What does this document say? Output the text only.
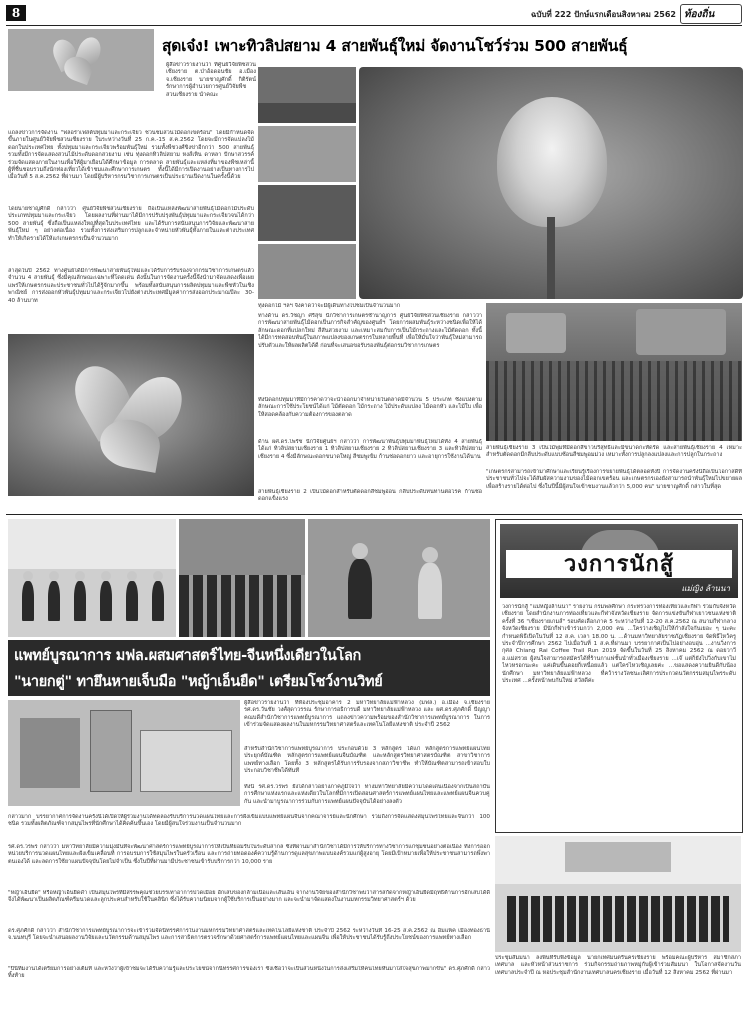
8	ฉบับที่ 222 ปักษ์แรกเดือนสิงหาคม 2562 ท้องถิ่น
สุดเจ๋ง! เพาะทิวลิปสยาม 4 สายพันธุ์ใหม่ จัดงานโชว์ร่วม 500 สายพันธุ์
ผู้สื่อข่าวรายงานว่า ที่ศูนย์วิจัยพืชสวนเชียงราย ต.ป่าอ้อดอนชัย อ.เมือง จ.เชียงราย นายชาญศักดิ์ กิติรัตน์ รักษาการผู้อำนวยการศูนย์วิจัยพืชสวนเชียงราย นำคณะ
แถลงข่าวการจัดงาน "ฟลอร่าเฟสต์ปทุมมาและกระเจียว ชวนชมสวนไม้ดอกเขตร้อน" โดยมีกำหนดจัดขึ้นภายในศูนย์วิจัยพืชสวนเชียงราย ในระหว่างวันที่ 25 ก.ค.-15 ส.ค.2562 โดยจะมีการจัดแปลงไม้ดอกในประเทศไทย ทั้งปทุมมาและกระเจียวพร้อมพันธุ์ใหม่ รวมทั้งพืชวงศ์ขิงข่าอีกกว่า 500 สายพันธุ์ รวมทั้งมีการจัดแสดงสวนไม้ประดับดอกสวยงาม เช่น ทุ่งดอกทิวลิปสยาม หงส์เหิน ดาหลา ปักษาสวรรค์ ร่วมจัดแสดงภายในงานเพื่อให้ผู้มาเยือนได้ศึกษาข้อมูล การตลาด สายพันธุ์และแหล่งที่มาของพืชเหล่านี้ ผู้ที่ชื่นชอบรวมถึงนักท่องเที่ยวได้เข้าชมและศึกษาการเกษตร ทั้งนี้ได้มีการเปิดงานอย่างเป็นทางการไปเมื่อวันที่ 5 ส.ค.2562 ที่ผ่านมา โดยมีผู้บริหารกรมวิชาการเกษตรเป็นประธานเปิดงานในครั้งนี้ด้วย
โดยนายชาญศักดิ์ กล่าวว่า ศูนย์วิจัยพืชสวนเชียงราย ถือเป็นแหล่งพัฒนาสายพันธุ์ไม้ดอกไม้ประดับประเภทปทุมมาและกระเจียว โดยผลงานที่ผ่านมาได้มีการปรับปรุงพันธุ์ปทุมมาและกระเจียวจนได้กว่า 500 สายพันธุ์ ซึ่งถือเป็นแหล่งใหญ่ที่สุดในประเทศไทย และได้รับการสนับสนุนการวิจัยและพัฒนาสายพันธุ์ใหม่ ๆ อย่างต่อเนื่อง รวมทั้งการส่งเสริมการปลูกและจำหน่ายหัวพันธุ์ทั้งภายในและต่างประเทศ ทำให้เกิดรายได้ให้แก่เกษตรกรเป็นจำนวนมาก
ล่าสุดในปี 2562 ทางศูนย์ได้มีการพัฒนาสายพันธุ์ใหม่และได้รับการรับรองจากกรมวิชาการเกษตรแล้วจำนวน 4 สายพันธุ์ ซึ่งมีคุณลักษณะเฉพาะที่โดดเด่น ดังนั้นในการจัดงานครั้งนี้จึงนำมาจัดแสดงเพื่อเผยแพร่ให้เกษตรกรและประชาชนทั่วไปได้รู้จักมากขึ้น พร้อมทั้งสนับสนุนการผลิตปทุมมาและพืชหัวในเชิงพาณิชย์ การส่งออกหัวพันธุ์ปทุมมาและกระเจียวไปยังต่างประเทศมีมูลค่าการส่งออกประมาณปีละ 30-40 ล้านบาท
ทุ่งดอกไม้ ฯลฯ จึงคาดว่าจะมีผู้เดินทางไปชมเป็นจำนวนมาก
ทางด้าน ดร.วัชญา ศรีสุข นักวิชาการเกษตรชำนาญการ ศูนย์วิจัยพืชสวนเชียงราย กล่าวว่า การพัฒนาสายพันธุ์ไม้ดอกเป็นภารกิจสำคัญของศูนย์ฯ โดยการผสมพันธุ์ระหว่างชนิดเพื่อให้ได้ลักษณะดอกที่แปลกใหม่ สีสันสวยงาม และเหมาะสมกับการเป็นไม้กระถางและไม้ตัดดอก ทั้งนี้ได้มีการทดสอบพันธุ์ในสภาพแปลงของเกษตรกรในหลายพื้นที่ เพื่อให้มั่นใจว่าพันธุ์ใหม่สามารถปรับตัวและให้ผลผลิตได้ดี ก่อนที่จะเสนอขอรับรองพันธุ์ต่อกรมวิชาการเกษตร
ทั้งนี้ดอกปทุมมาที่มีการคาดว่าจะนำออกมาจำหน่ายในตลาดมีจำนวน 5 ประเภท ซึ่งแบ่งตามลักษณะการใช้ประโยชน์ได้แก่ ไม้ตัดดอก ไม้กระถาง ไม้ประดับแปลง ไม้ดอกหัว และไม้ใบ เพื่อให้สอดคล้องกับความต้องการของตลาด
ด้าน ผศ.ดร.ไพรัช นักวิจัยศูนย์ฯ กล่าวว่า การพัฒนาพันธุ์ปทุมมาพันธุ์ใหม่ได้ทั้ง 4 สายพันธุ์ ได้แก่ ทิวลิปสยามเชียงราย 1 ทิวลิปสยามเชียงราย 2 ทิวลิปสยามเชียงราย 3 และทิวลิปสยามเชียงราย 4 ซึ่งมีลักษณะดอกขนาดใหญ่ สีชมพูเข้ม ก้านช่อดอกยาว และอายุการใช้งานได้นาน
สายพันธุ์เชียงราย 2 เป็นไม้ดอกสำหรับตัดดอกสีชมพูอ่อน กลีบประดับทนทานต่อโรค ก้านช่อดอกแข็งแรง
สายพันธุ์เชียงราย 3 เป็นไม้พุ่มที่มีดอกสีขาวบริสุทธิ์และมีขนาดกะทัดรัด และสายพันธุ์เชียงราย 4 เหมาะสำหรับตัดดอกมีกลีบประดับแบบซ้อนสีชมพูอมม่วง เหมาะทั้งการปลูกลงแปลงและการปลูกในกระถาง
"เกษตรกรสามารถเข้ามาศึกษาและเรียนรู้เรื่องการขยายพันธุ์ได้ตลอดทั้งปี การจัดงานครั้งนี้ถือเป็นโอกาสดีที่ประชาชนทั่วไปจะได้สัมผัสความงามของไม้ดอกเขตร้อน และเกษตรกรเองยังสามารถนำพันธุ์ใหม่ไปขยายผลเพื่อสร้างรายได้ต่อไป ซึ่งในปีนี้มีผู้สนใจเข้าชมงานแล้วกว่า 5,000 คน" นายชาญศักดิ์ กล่าวในที่สุด
แพทย์บูรณาการ มฟล.ผสมศาสตร์ไทย-จีนหนึ่งเดียวในโลก
"นายกตู่" ทายึนหายเจ็บมือ "หญ้าเอ็นยืด" เตรียมโชว์งานวิทย์
ผู้สื่อข่าวรายงานว่า ที่ห้องประชุมอาคาร 2 มหาวิทยาลัยแม่ฟ้าหลวง (มฟล.) อ.เมือง จ.เชียงราย รศ.ดร.วันชัย วงศ์สุดาวรรณ รักษาการอธิการบดี มหาวิทยาลัยแม่ฟ้าหลวง และ ผศ.ดร.ศุภศักดิ์ ปัญญา คณบดีสำนักวิชาการแพทย์บูรณาการ แถลงข่าวความพร้อมของสำนักวิชาการแพทย์บูรณาการ ในการเข้าร่วมจัดแสดงผลงานในมหกรรมวิทยาศาสตร์และเทคโนโลยีแห่งชาติ ประจำปี 2562
สำหรับสำนักวิชาการแพทย์บูรณาการ ประกอบด้วย 3 หลักสูตร ได้แก่ หลักสูตรการแพทย์แผนไทยประยุกต์บัณฑิต หลักสูตรการแพทย์แผนจีนบัณฑิต และหลักสูตรวิทยาศาสตรบัณฑิต สาขาวิชาการแพทย์ทางเลือก โดยทั้ง 3 หลักสูตรได้รับการรับรองจากสภาวิชาชีพ ทำให้บัณฑิตสามารถเข้าสอบใบประกอบวิชาชีพได้ทันที
ทั้งนี้ รศ.ดร.วรพร ยังได้กล่าวอย่างภาคภูมิใจว่า ทางมหาวิทยาลัยมีความโดดเด่นเนื่องจากเป็นสถาบันการศึกษาแห่งแรกและแห่งเดียวในโลกที่มีการเปิดสอนศาสตร์การแพทย์แผนไทยและแพทย์แผนจีนควบคู่กัน และนำมาบูรณาการร่วมกับการแพทย์แผนปัจจุบันได้อย่างลงตัว
กล่าวมาก บรรยากาศการจัดงานครั้งนี้ได้เปิดให้ผู้ร่วมงานได้ทดลองรับบริการนวดแผนไทยและการฝังเข็มแบบแพทย์แผนจีนจากคณาจารย์และนักศึกษา รวมถึงการจัดแสดงสมุนไพรไทยและจีนกว่า 100 ชนิด รวมทั้งผลิตภัณฑ์จากสมุนไพรที่นักศึกษาได้คิดค้นขึ้นเอง โดยมีผู้สนใจร่วมงานเป็นจำนวนมาก
รศ.ดร.วรพร กล่าวว่า มหาวิทยาลัยมีความมุ่งมั่นที่จะพัฒนาศาสตร์การแพทย์บูรณาการให้เป็นที่ยอมรับในระดับสากล ซึ่งที่ผ่านมาสำนักวิชาได้มีการให้บริการทางวิชาการแก่ชุมชนอย่างต่อเนื่อง ทั้งการออกหน่วยบริการนวดแผนไทยและฝังเข็มเคลื่อนที่ การอบรมการใช้สมุนไพรในครัวเรือน และการถ่ายทอดองค์ความรู้ด้านการดูแลสุขภาพแบบองค์รวมแก่ผู้สูงอายุ โดยมีเป้าหมายเพื่อให้ประชาชนสามารถพึ่งพาตนเองได้ และลดการใช้ยาแผนปัจจุบันโดยไม่จำเป็น ซึ่งในปีที่ผ่านมามีประชาชนเข้ารับบริการกว่า 10,000 ราย
"หญ้าเอ็นยืด" หรือหญ้าเอ็นยืดดำ เป็นสมุนไพรที่มีสรรพคุณช่วยบรรเทาอาการปวดเมื่อย อักเสบของกล้ามเนื้อและเส้นเอ็น จากงานวิจัยของสำนักวิชาพบว่าสารสกัดจากหญ้าเอ็นยืดมีฤทธิ์ต้านการอักเสบได้ดี จึงได้พัฒนาเป็นผลิตภัณฑ์ครีมนวดและลูกประคบสำหรับใช้ในคลินิก ซึ่งได้รับความนิยมจากผู้ใช้บริการเป็นอย่างมาก และจะนำมาจัดแสดงในงานมหกรรมวิทยาศาสตร์ฯ ด้วย
ดร.ศุภศักดิ์ กล่าวว่า สำนักวิชาการแพทย์บูรณาการจะเข้าร่วมจัดนิทรรศการในงานมหกรรมวิทยาศาสตร์และเทคโนโลยีแห่งชาติ ประจำปี 2562 ระหว่างวันที่ 16-25 ส.ค.2562 ณ อิมแพ็ค เมืองทองธานี จ.นนทบุรี โดยจะนำเสนอผลงานวิจัยและนวัตกรรมด้านสมุนไพร และการสาธิตการตรวจรักษาด้วยศาสตร์การแพทย์แผนไทยและแผนจีน เพื่อให้ประชาชนได้รับรู้ถึงประโยชน์ของการแพทย์ทางเลือก
"ปีนี้ทีมงานได้เตรียมการอย่างเต็มที่ และหวังว่าผู้เข้าชมจะได้รับความรู้และประโยชน์จากนิทรรศการของเรา ซึ่งเชื่อว่าจะเป็นส่วนหนึ่งในการส่งเสริมให้คนไทยหันมาใส่ใจสุขภาพมากขึ้น" ดร.ศุภศักดิ์ กล่าวทิ้งท้าย
วงการนักสู้
แม่ญิง ล้านนา
วงการนักสู้ "แม่หญิงล้านนา" รายงาน กรมพลศึกษา กระทรวงการท่องเที่ยวและกีฬา ร่วมกับจังหวัดเชียงราย โดยสำนักงานการท่องเที่ยวและกีฬาจังหวัดเชียงราย จัดการแข่งขันกีฬาเยาวชนแห่งชาติ ครั้งที่ 36 "เชียงรายเกมส์" รอบคัดเลือกภาค 5 ระหว่างวันที่ 12-20 ส.ค.2562 ณ สนามกีฬากลางจังหวัดเชียงราย มีนักกีฬาเข้าร่วมกว่า 2,000 คน ...ใครว่างเชิญไปให้กำลังใจกันเยอะ ๆ นะคะ กำหนดพิธีเปิดในวันที่ 12 ส.ค. เวลา 18.00 น. ...ด้านมหาวิทยาลัยราชภัฏเชียงราย จัดพิธีไหว้ครูประจำปีการศึกษา 2562 ไปเมื่อวันที่ 1 ส.ค.ที่ผ่านมา บรรยากาศเป็นไปอย่างอบอุ่น ...งานวิ่งการกุศล Chiang Rai Coffee Trail Run 2019 จัดขึ้นในวันที่ 25 สิงหาคม 2562 ณ ดอยวาวี อ.แม่สรวย ผู้สนใจสามารถสมัครได้ที่ร้านกาแฟชั้นนำทั่วเมืองเชียงราย ...เจ๊ แต่ก็ยังไปวิ่งกับเขาไม่ไหวหรอกนะคะ แค่เดินขึ้นดอยก็เหนื่อยแล้ว แต่ใครไหวเชิญเลยค่ะ ...ขอแสดงความยินดีกับน้องนักศึกษา มหาวิทยาลัยแม่ฟ้าหลวง ที่คว้ารางวัลชนะเลิศการประกวดนวัตกรรมสมุนไพรระดับประเทศ ...ครั้งหน้าพบกันใหม่ สวัสดีค่ะ
ประชุมสัมมนา ลงพื้นที่รับฟังข้อมูล นายกเทศมนตรีนครเชียงราย พร้อมคณะผู้บริหาร สมาชิกสภาเทศบาล และหัวหน้าส่วนราชการ ร่วมกิจกรรมถ่ายภาพหมู่กับผู้เข้าร่วมสัมมนา ในโอกาสจัดงานวันเทศบาลประจำปี ณ หอประชุมสำนักงานเทศบาลนครเชียงราย เมื่อวันที่ 12 สิงหาคม 2562 ที่ผ่านมา
